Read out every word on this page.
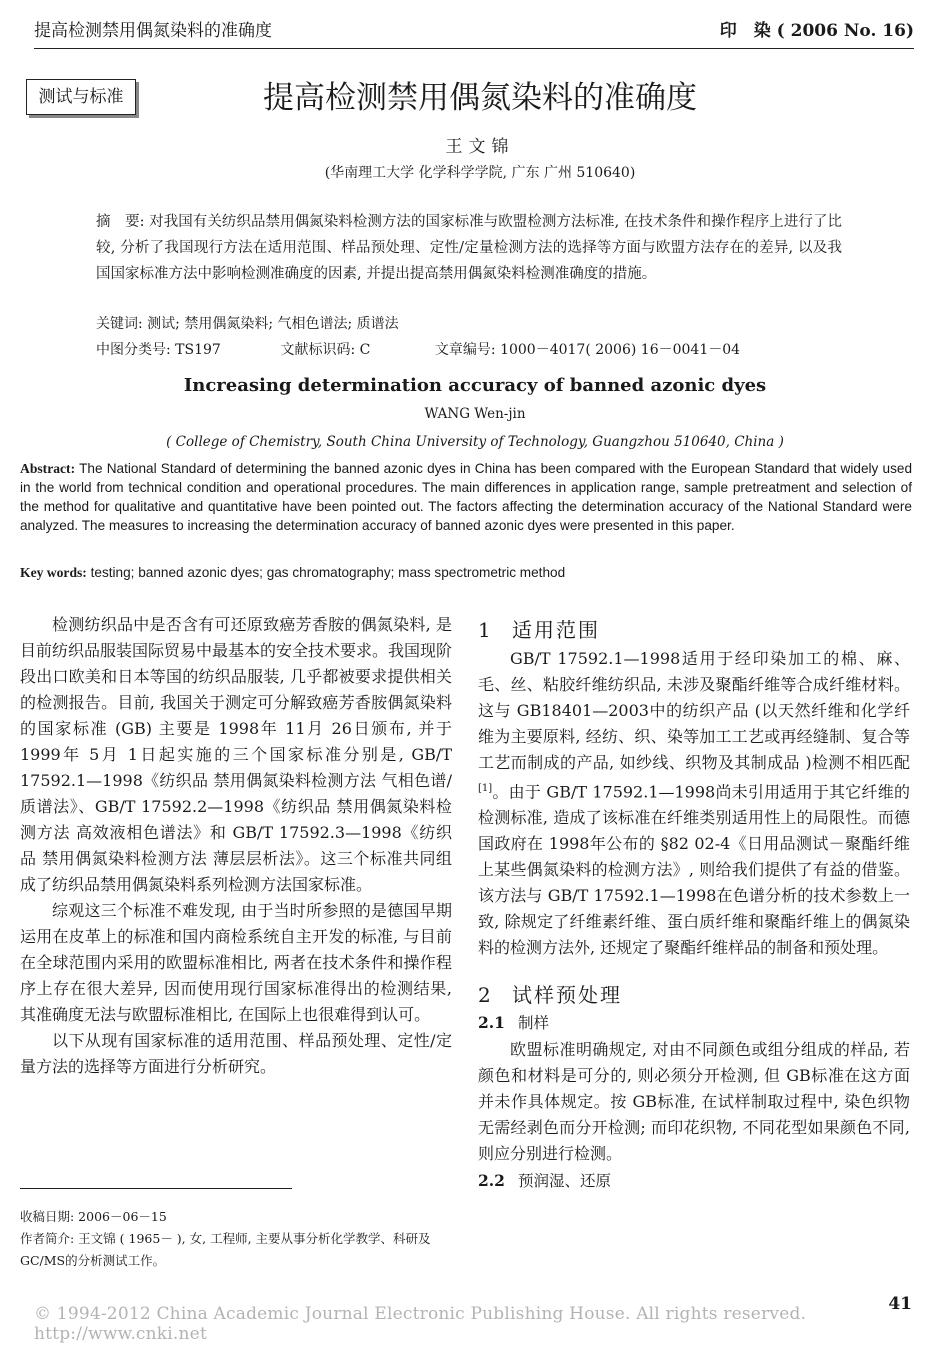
提高检测禁用偶氮染料的准确度	印　染 ( 2006 No. 16)
测试与标准	提高检测禁用偶氮染料的准确度
王文锦
(华南理工大学 化学科学学院, 广东 广州 510640)
摘　要: 对我国有关纺织品禁用偶氮染料检测方法的国家标准与欧盟检测方法标准, 在技术条件和操作程序上进行了比较, 分析了我国现行方法在适用范围、样品预处理、定性/定量检测方法的选择等方面与欧盟方法存在的差异, 以及我国国家标准方法中影响检测准确度的因素, 并提出提高禁用偶氮染料检测准确度的措施。
关键词: 测试; 禁用偶氮染料; 气相色谱法; 质谱法
中图分类号: TS197	文献标识码: C	文章编号: 1000－4017( 2006) 16－0041－04
Increasing determination accuracy of banned azonic dyes
WANG Wen-jin
( College of Chemistry, South China University of Technology, Guangzhou 510640, China )
Abstract: The National Standard of determining the banned azonic dyes in China has been compared with the European Standard that widely used in the world from technical condition and operational procedures. The main differences in application range, sample pretreatment and selection of the method for qualitative and quantitative have been pointed out. The factors affecting the determination accuracy of the National Standard were analyzed. The measures to increasing the determination accuracy of banned azonic dyes were presented in this paper.
Key words: testing; banned azonic dyes; gas chromatography; mass spectrometric method

检测纺织品中是否含有可还原致癌芳香胺的偶氮染料, 是目前纺织品服装国际贸易中最基本的安全技术要求。我国现阶段出口欧美和日本等国的纺织品服装, 几乎都被要求提供相关的检测报告。目前, 我国关于测定可分解致癌芳香胺偶氮染料的国家标准 (GB) 主要是 1998年 11月 26日颁布, 并于 1999年 5月 1日起实施的三个国家标准分别是, GB/T 17592.1—1998《纺织品 禁用偶氮染料检测方法 气相色谱/质谱法》、GB/T 17592.2—1998《纺织品 禁用偶氮染料检测方法 高效液相色谱法》和 GB/T 17592.3—1998《纺织品 禁用偶氮染料检测方法 薄层层析法》。这三个标准共同组成了纺织品禁用偶氮染料系列检测方法国家标准。

综观这三个标准不难发现, 由于当时所参照的是德国早期运用在皮革上的标准和国内商检系统自主开发的标准, 与目前在全球范围内采用的欧盟标准相比, 两者在技术条件和操作程序上存在很大差异, 因而使用现行国家标准得出的检测结果, 其准确度无法与欧盟标准相比, 在国际上也很难得到认可。

以下从现有国家标准的适用范围、样品预处理、定性/定量方法的选择等方面进行分析研究。

收稿日期: 2006－06－15
作者简介: 王文锦 ( 1965－ ), 女, 工程师, 主要从事分析化学教学、科研及 GC/MS的分析测试工作。
1 适用范围

GB/T 17592.1—1998适用于经印染加工的棉、麻、毛、丝、粘胶纤维纺织品, 未涉及聚酯纤维等合成纤维材料。这与 GB18401—2003中的纺织产品 (以天然纤维和化学纤维为主要原料, 经纺、织、染等加工工艺或再经缝制、复合等工艺而制成的产品, 如纱线、织物及其制成品 )检测不相匹配[1]。由于 GB/T 17592.1—1998尚未引用适用于其它纤维的检测标准, 造成了该标准在纤维类别适用性上的局限性。而德国政府在 1998年公布的 §82 02-4《日用品测试－聚酯纤维上某些偶氮染料的检测方法》, 则给我们提供了有益的借鉴。该方法与 GB/T 17592.1—1998在色谱分析的技术参数上一致, 除规定了纤维素纤维、蛋白质纤维和聚酯纤维上的偶氮染料的检测方法外, 还规定了聚酯纤维样品的制备和预处理。

2 试样预处理
2.1 制样

欧盟标准明确规定, 对由不同颜色或组分组成的样品, 若颜色和材料是可分的, 则必须分开检测, 但 GB标准在这方面并未作具体规定。按 GB标准, 在试样制取过程中, 染色织物无需经剥色而分开检测; 而印花织物, 不同花型如果颜色不同, 则应分别进行检测。

2.2 预润湿、还原
© 1994-2012 China Academic Journal Electronic Publishing House. All rights reserved.　　http://www.cnki.net
41
